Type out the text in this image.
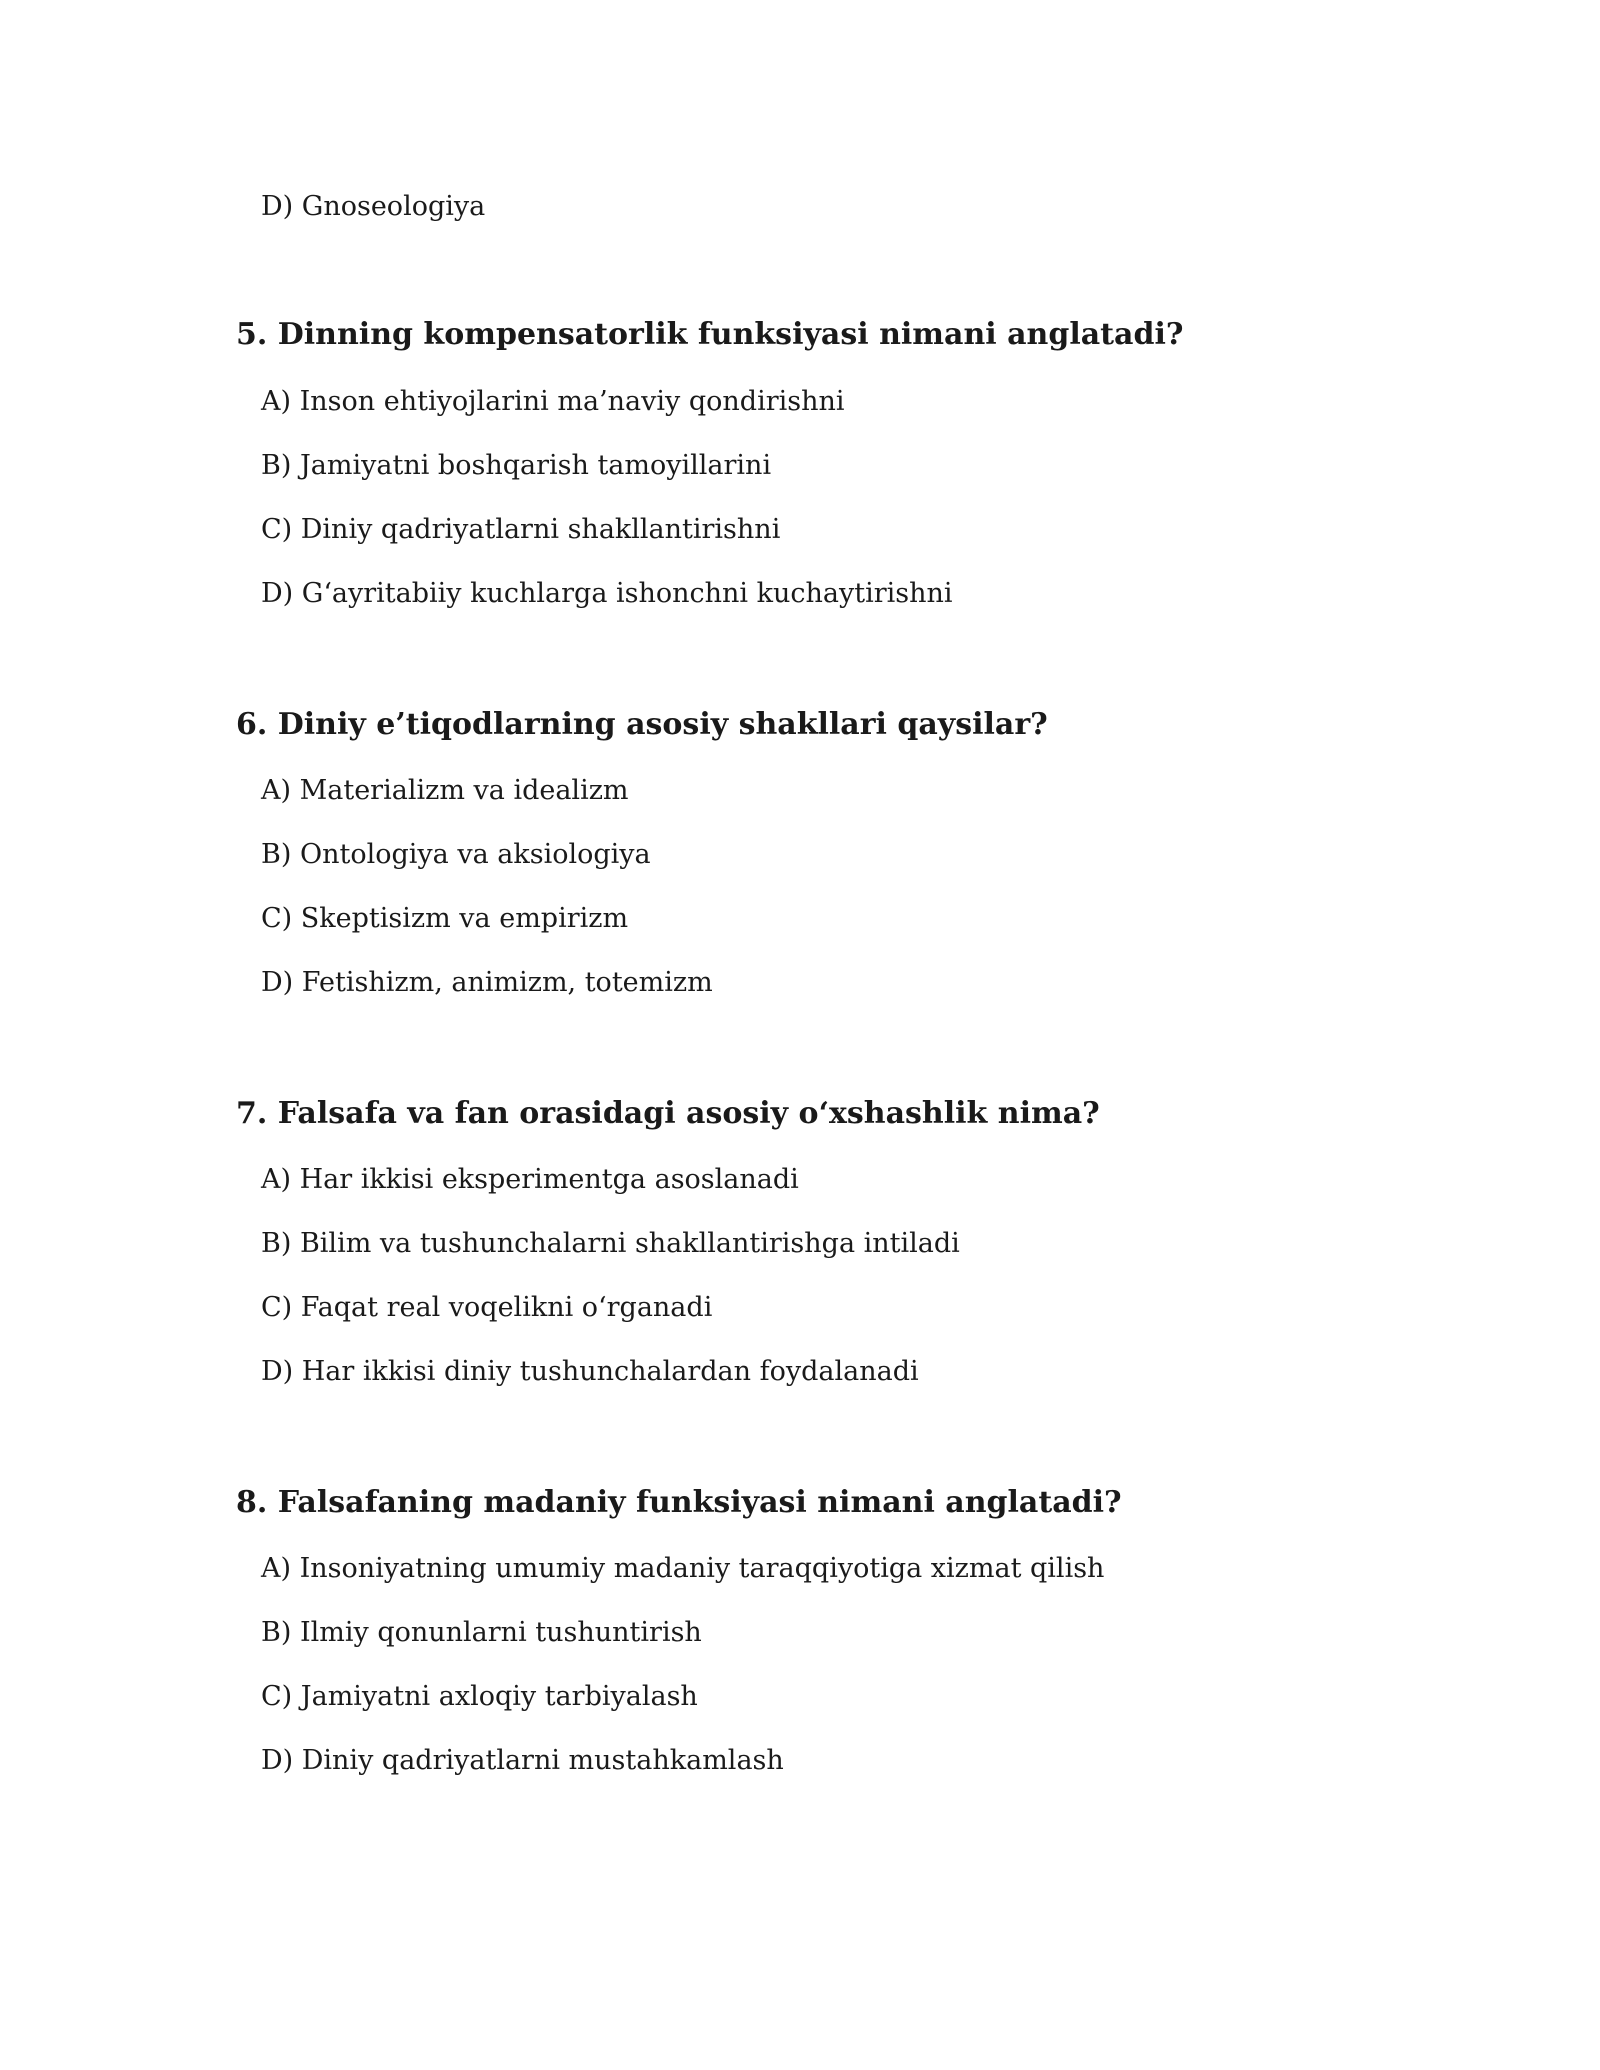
D) Gnoseologiya
5. Dinning kompensatorlik funksiyasi nimani anglatadi?
A) Inson ehtiyojlarini ma’naviy qondirishni
B) Jamiyatni boshqarish tamoyillarini
C) Diniy qadriyatlarni shakllantirishni
D) G‘ayritabiiy kuchlarga ishonchni kuchaytirishni
6. Diniy e’tiqodlarning asosiy shakllari qaysilar?
A) Materializm va idealizm
B) Ontologiya va aksiologiya
C) Skeptisizm va empirizm
D) Fetishizm, animizm, totemizm
7. Falsafa va fan orasidagi asosiy o‘xshashlik nima?
A) Har ikkisi eksperimentga asoslanadi
B) Bilim va tushunchalarni shakllantirishga intiladi
C) Faqat real voqelikni o‘rganadi
D) Har ikkisi diniy tushunchalardan foydalanadi
8. Falsafaning madaniy funksiyasi nimani anglatadi?
A) Insoniyatning umumiy madaniy taraqqiyotiga xizmat qilish
B) Ilmiy qonunlarni tushuntirish
C) Jamiyatni axloqiy tarbiyalash
D) Diniy qadriyatlarni mustahkamlash
